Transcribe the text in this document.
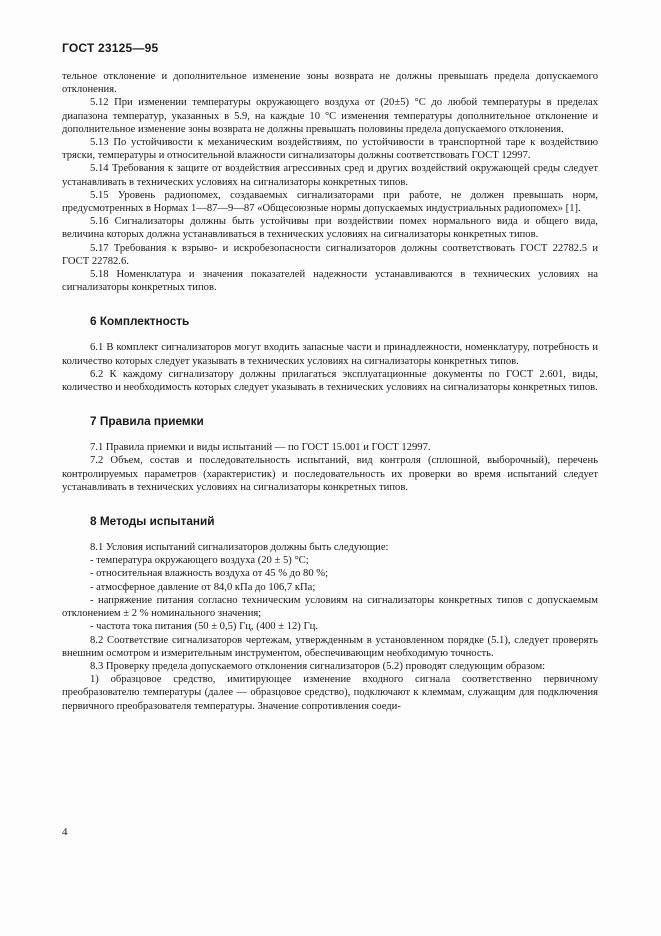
ГОСТ 23125—95

тельное отклонение и дополнительное изменение зоны возврата не должны превышать предела допускаемого отклонения.

5.12 При изменении температуры окружающего воздуха от (20±5) °С до любой температуры в пределах диапазона температур, указанных в 5.9, на каждые 10 °С изменения температуры дополнительное отклонение и дополнительное изменение зоны возврата не должны превышать половины предела допускаемого отклонения.

5.13 По устойчивости к механическим воздействиям, по устойчивости в транспортной таре к воздействию тряски, температуры и относительной влажности сигнализаторы должны соответствовать ГОСТ 12997.

5.14 Требования к защите от воздействия агрессивных сред и других воздействий окружающей среды следует устанавливать в технических условиях на сигнализаторы конкретных типов.

5.15 Уровень радиопомех, создаваемых сигнализаторами при работе, не должен превышать норм, предусмотренных в Нормах 1—87—9—87 «Общесоюзные нормы допускаемых индустриальных радиопомех» [1].

5.16 Сигнализаторы должны быть устойчивы при воздействии помех нормального вида и общего вида, величина которых должна устанавливаться в технических условиях на сигнализаторы конкретных типов.

5.17 Требования к взрыво- и искробезопасности сигнализаторов должны соответствовать ГОСТ 22782.5 и ГОСТ 22782.6.

5.18 Номенклатура и значения показателей надежности устанавливаются в технических условиях на сигнализаторы конкретных типов.

6 Комплектность

6.1 В комплект сигнализаторов могут входить запасные части и принадлежности, номенклатуру, потребность и количество которых следует указывать в технических условиях на сигнализаторы конкретных типов.

6.2 К каждому сигнализатору должны прилагаться эксплуатационные документы по ГОСТ 2.601, виды, количество и необходимость которых следует указывать в технических условиях на сигнализаторы конкретных типов.

7 Правила приемки

7.1 Правила приемки и виды испытаний — по ГОСТ 15.001 и ГОСТ 12997.

7.2 Объем, состав и последовательность испытаний, вид контроля (сплошной, выборочный), перечень контролируемых параметров (характеристик) и последовательность их проверки во время испытаний следует устанавливать в технических условиях на сигнализаторы конкретных типов.

8 Методы испытаний

8.1 Условия испытаний сигнализаторов должны быть следующие:

- температура окружающего воздуха (20 ± 5) °С;

- относительная влажность воздуха от 45 % до 80 %;

- атмосферное давление от 84,0 кПа до 106,7 кПа;

- напряжение питания согласно техническим условиям на сигнализаторы конкретных типов с допускаемым отклонением ± 2 % номинального значения;

- частота тока питания (50 ± 0,5) Гц, (400 ± 12) Гц.

8.2 Соответствие сигнализаторов чертежам, утвержденным в установленном порядке (5.1), следует проверять внешним осмотром и измерительным инструментом, обеспечивающим необходимую точность.

8.3 Проверку предела допускаемого отклонения сигнализаторов (5.2) проводят следующим образом:

1) образцовое средство, имитирующее изменение входного сигнала соответственно первичному преобразователю температуры (далее — образцовое средство), подключают к клеммам, служащим для подключения первичного преобразователя температуры. Значение сопротивления соеди-

4
